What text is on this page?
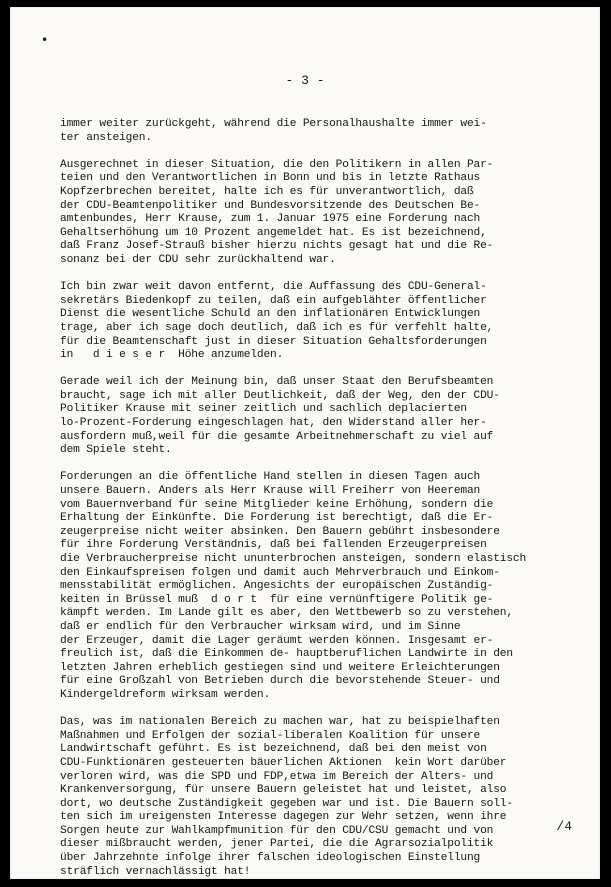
•
- 3 -
immer weiter zurückgeht, während die Personalhaushalte immer wei-
ter ansteigen.
Ausgerechnet in dieser Situation, die den Politikern in allen Par-
teien und den Verantwortlichen in Bonn und bis in letzte Rathaus
Kopfzerbrechen bereitet, halte ich es für unverantwortlich, daß
der CDU-Beamtenpolitiker und Bundesvorsitzende des Deutschen Be-
amtenbundes, Herr Krause, zum 1. Januar 1975 eine Forderung nach
Gehaltserhöhung um 10 Prozent angemeldet hat. Es ist bezeichnend,
daß Franz Josef-Strauß bisher hierzu nichts gesagt hat und die Re-
sonanz bei der CDU sehr zurückhaltend war.
Ich bin zwar weit davon entfernt, die Auffassung des CDU-General-
sekretärs Biedenkopf zu teilen, daß ein aufgeblähter öffentlicher
Dienst die wesentliche Schuld an den inflationären Entwicklungen
trage, aber ich sage doch deutlich, daß ich es für verfehlt halte,
für die Beamtenschaft just in dieser Situation Gehaltsforderungen
in   d i e s e r  Höhe anzumelden.
Gerade weil ich der Meinung bin, daß unser Staat den Berufsbeamten
braucht, sage ich mit aller Deutlichkeit, daß der Weg, den der CDU-
Politiker Krause mit seiner zeitlich und sachlich deplacierten
lo-Prozent-Forderung eingeschlagen hat, den Widerstand aller her-
ausfordern muß,weil für die gesamte Arbeitnehmerschaft zu viel auf
dem Spiele steht.
Forderungen an die öffentliche Hand stellen in diesen Tagen auch
unsere Bauern. Anders als Herr Krause will Freiherr von Heereman
vom Bauernverband für seine Mitglieder keine Erhöhung, sondern die
Erhaltung der Einkünfte. Die Forderung ist berechtigt, daß die Er-
zeugerpreise nicht weiter absinken. Den Bauern gebührt insbesondere
für ihre Forderung Verständnis, daß bei fallenden Erzeugerpreisen
die Verbraucherpreise nicht ununterbrochen ansteigen, sondern elastisch
den Einkaufspreisen folgen und damit auch Mehrverbrauch und Einkom-
mensstabilität ermöglichen. Angesichts der europäischen Zuständig-
keiten in Brüssel muß  d o r t  für eine vernünftigere Politik ge-
kämpft werden. Im Lande gilt es aber, den Wettbewerb so zu verstehen,
daß er endlich für den Verbraucher wirksam wird, und im Sinne
der Erzeuger, damit die Lager geräumt werden können. Insgesamt er-
freulich ist, daß die Einkommen de- hauptberuflichen Landwirte in den
letzten Jahren erheblich gestiegen sind und weitere Erleichterungen
für eine Großzahl von Betrieben durch die bevorstehende Steuer- und
Kindergeldreform wirksam werden.
Das, was im nationalen Bereich zu machen war, hat zu beispielhaften
Maßnahmen und Erfolgen der sozial-liberalen Koalition für unsere
Landwirtschaft geführt. Es ist bezeichnend, daß bei den meist von
CDU-Funktionären gesteuerten bäuerlichen Aktionen  kein Wort darüber
verloren wird, was die SPD und FDP,etwa im Bereich der Alters- und
Krankenversorgung, für unsere Bauern geleistet hat und leistet, also
dort, wo deutsche Zuständigkeit gegeben war und ist. Die Bauern soll-
ten sich im ureigensten Interesse dagegen zur Wehr setzen, wenn ihre
Sorgen heute zur Wahlkampfmunition für den CDU/CSU gemacht und von
dieser mißbraucht werden, jener Partei, die die Agrarsozialpolitik
über Jahrzehnte infolge ihrer falschen ideologischen Einstellung
sträflich vernachlässigt hat!
/4
